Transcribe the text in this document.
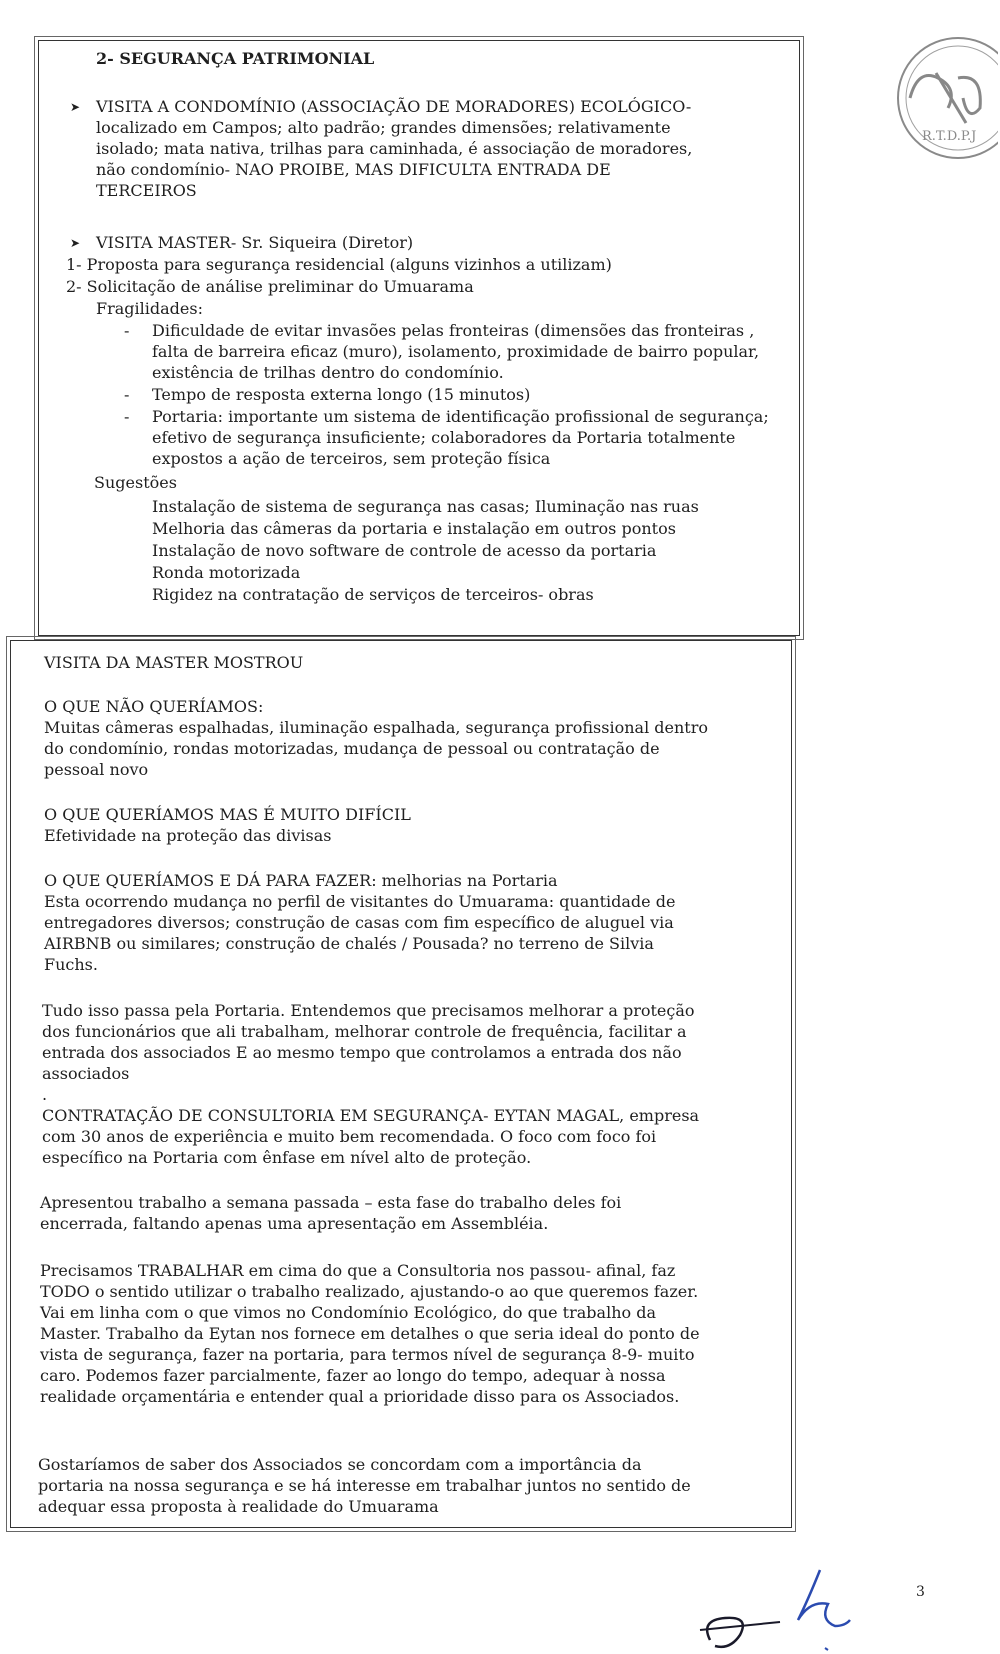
2- SEGURANÇA PATRIMONIAL
➤ VISITA A CONDOMÍNIO (ASSOCIAÇÃO DE MORADORES) ECOLÓGICO-
localizado em Campos; alto padrão; grandes dimensões; relativamente
isolado; mata nativa, trilhas para caminhada, é associação de moradores,
não condomínio- NAO PROIBE, MAS DIFICULTA ENTRADA DE
TERCEIROS
➤ VISITA MASTER- Sr. Siqueira (Diretor)
1- Proposta para segurança residencial (alguns vizinhos a utilizam)
2- Solicitação de análise preliminar do Umuarama
Fragilidades:
- Dificuldade de evitar invasões pelas fronteiras (dimensões das fronteiras ,
falta de barreira eficaz (muro), isolamento, proximidade de bairro popular,
existência de trilhas dentro do condomínio.
- Tempo de resposta externa longo (15 minutos)
- Portaria: importante um sistema de identificação profissional de segurança;
efetivo de segurança insuficiente; colaboradores da Portaria totalmente
expostos a ação de terceiros, sem proteção física
Sugestões
Instalação de sistema de segurança nas casas; Iluminação nas ruas
Melhoria das câmeras da portaria e instalação em outros pontos
Instalação de novo software de controle de acesso da portaria
Ronda motorizada
Rigidez na contratação de serviços de terceiros- obras
VISITA DA MASTER MOSTROU
O QUE NÃO QUERÍAMOS:
Muitas câmeras espalhadas, iluminação espalhada, segurança profissional dentro
do condomínio, rondas motorizadas, mudança de pessoal ou contratação de
pessoal novo
O QUE QUERÍAMOS MAS É MUITO DIFÍCIL
Efetividade na proteção das divisas
O QUE QUERÍAMOS E DÁ PARA FAZER: melhorias na Portaria
Esta ocorrendo mudança no perfil de visitantes do Umuarama: quantidade de
entregadores diversos; construção de casas com fim específico de aluguel via
AIRBNB ou similares; construção de chalés / Pousada? no terreno de Silvia
Fuchs.
Tudo isso passa pela Portaria. Entendemos que precisamos melhorar a proteção
dos funcionários que ali trabalham, melhorar controle de frequência, facilitar a
entrada dos associados E ao mesmo tempo que controlamos a entrada dos não
associados
.
CONTRATAÇÃO DE CONSULTORIA EM SEGURANÇA- EYTAN MAGAL, empresa
com 30 anos de experiência e muito bem recomendada. O foco com foco foi
específico na Portaria com ênfase em nível alto de proteção.
Apresentou trabalho a semana passada – esta fase do trabalho deles foi
encerrada, faltando apenas uma apresentação em Assembléia.
Precisamos TRABALHAR em cima do que a Consultoria nos passou- afinal, faz
TODO o sentido utilizar o trabalho realizado, ajustando-o ao que queremos fazer.
Vai em linha com o que vimos no Condomínio Ecológico, do que trabalho da
Master. Trabalho da Eytan nos fornece em detalhes o que seria ideal do ponto de
vista de segurança, fazer na portaria, para termos nível de segurança 8-9- muito
caro. Podemos fazer parcialmente, fazer ao longo do tempo, adequar à nossa
realidade orçamentária e entender qual a prioridade disso para os Associados.
Gostaríamos de saber dos Associados se concordam com a importância da
portaria na nossa segurança e se há interesse em trabalhar juntos no sentido de
adequar essa proposta à realidade do Umuarama
R.T.D.P.J
3
